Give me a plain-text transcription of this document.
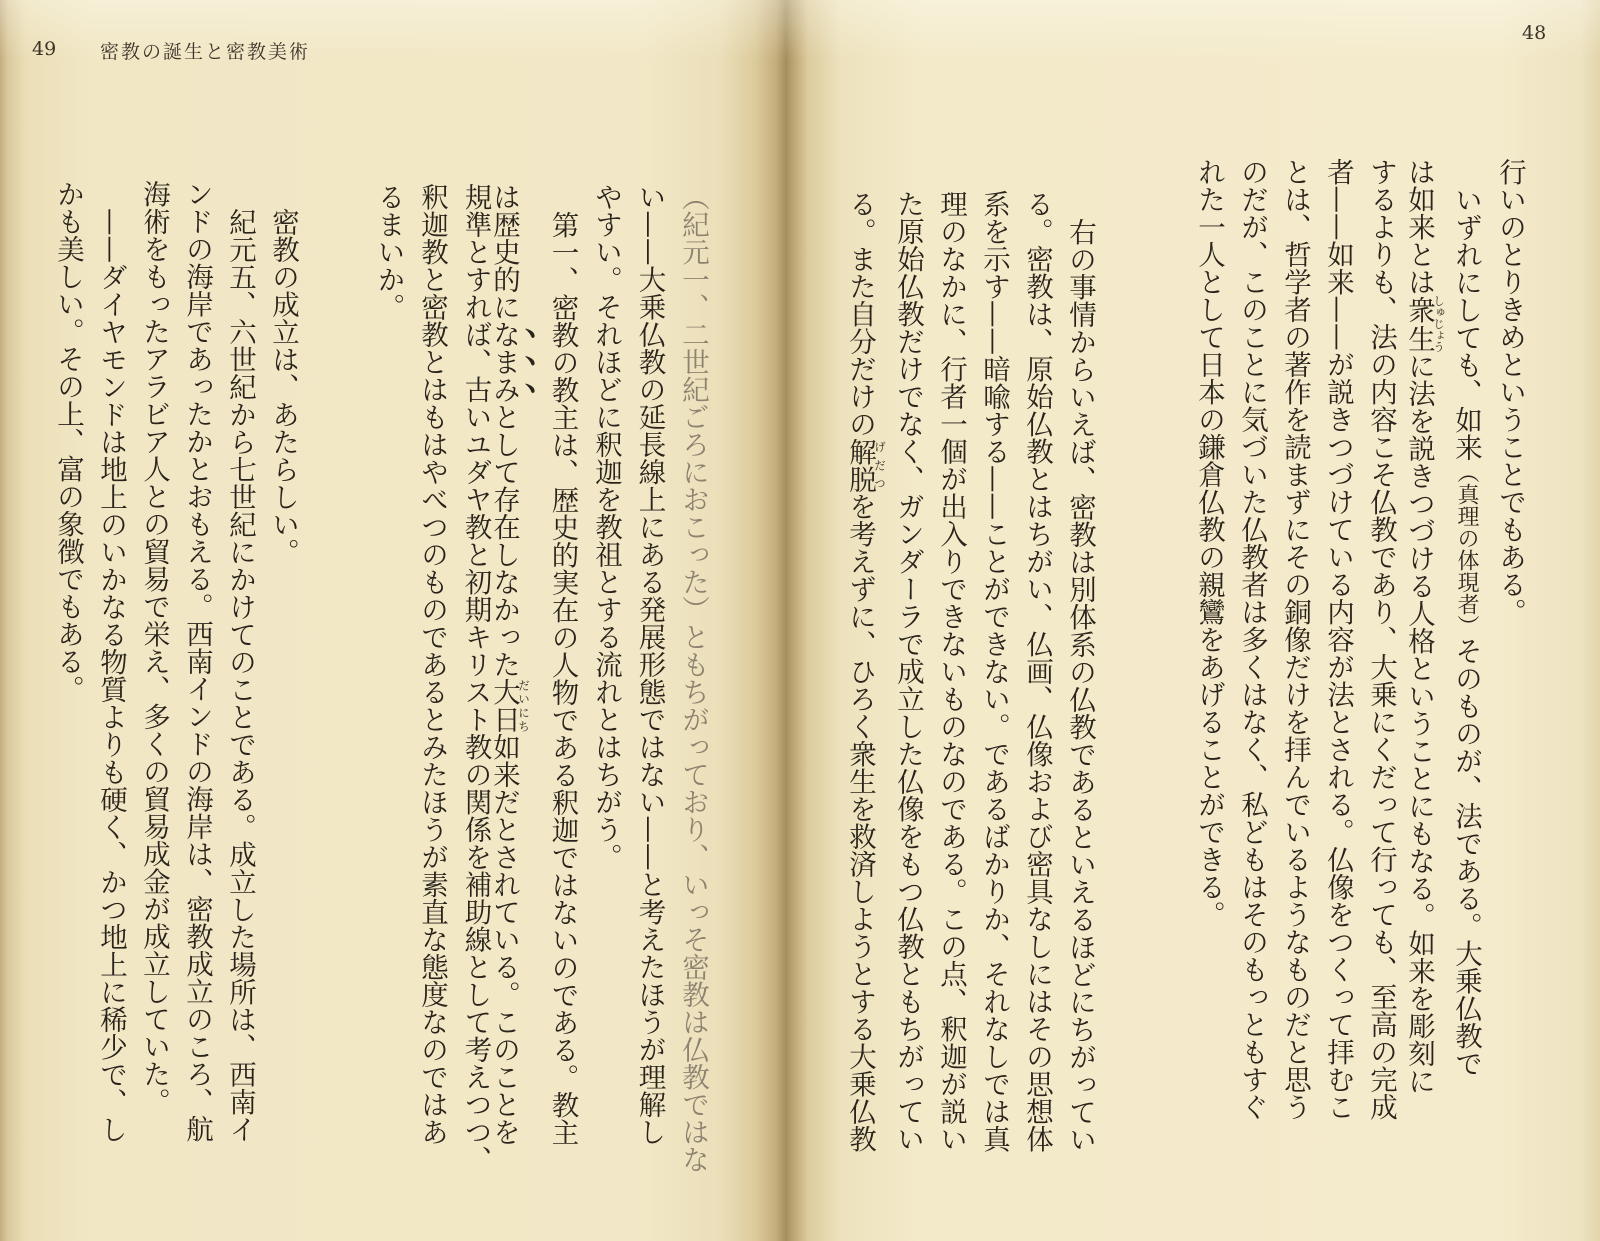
49 密教の誕生と密教美術
（紀元一、二世紀ごろにおこった）ともちがっており、いっそ密教は仏教ではな
い——大乗仏教の延長線上にある発展形態ではない——と考えたほうが理解し
やすい。それほどに釈迦を教祖とする流れとはちがう。
第一、密教の教主は、歴史的実在の人物である釈迦ではないのである。教主
は歴史的になまみとして存在しなかった大日だいにち如来だとされている。このことを
規準とすれば、古いユダヤ教と初期キリスト教の関係を補助線として考えつつ、
釈迦教と密教とはもはやべつのものであるとみたほうが素直な態度なのではあ
るまいか。
密教の成立は、あたらしい。
紀元五、六世紀から七世紀にかけてのことである。成立した場所は、西南イ
ンドの海岸であったかとおもえる。西南インドの海岸は、密教成立のころ、航
海術をもったアラビア人との貿易で栄え、多くの貿易成金が成立していた。
——ダイヤモンドは地上のいかなる物質よりも硬く、かつ地上に稀少で、し
かも美しい。その上、富の象徴でもある。
48
行いのとりきめということでもある。
いずれにしても、如来（真理の体現者）そのものが、法である。大乗仏教で
は如来とは衆生しゅじょうに法を説きつづける人格ということにもなる。如来を彫刻に
するよりも、法の内容こそ仏教であり、大乗にくだって行っても、至高の完成
者——如来——が説きつづけている内容が法とされる。仏像をつくって拝むこ
とは、哲学者の著作を読まずにその銅像だけを拝んでいるようなものだと思う
のだが、このことに気づいた仏教者は多くはなく、私どもはそのもっともすぐ
れた一人として日本の鎌倉仏教の親鸞をあげることができる。
右の事情からいえば、密教は別体系の仏教であるといえるほどにちがってい
る。密教は、原始仏教とはちがい、仏画、仏像および密具なしにはその思想体
系を示す——暗喩する——ことができない。であるばかりか、それなしでは真
理のなかに、行者一個が出入りできないものなのである。この点、釈迦が説い
た原始仏教だけでなく、ガンダーラで成立した仏像をもつ仏教ともちがってい
る。また自分だけの解脱げだつを考えずに、ひろく衆生を救済しようとする大乗仏教
